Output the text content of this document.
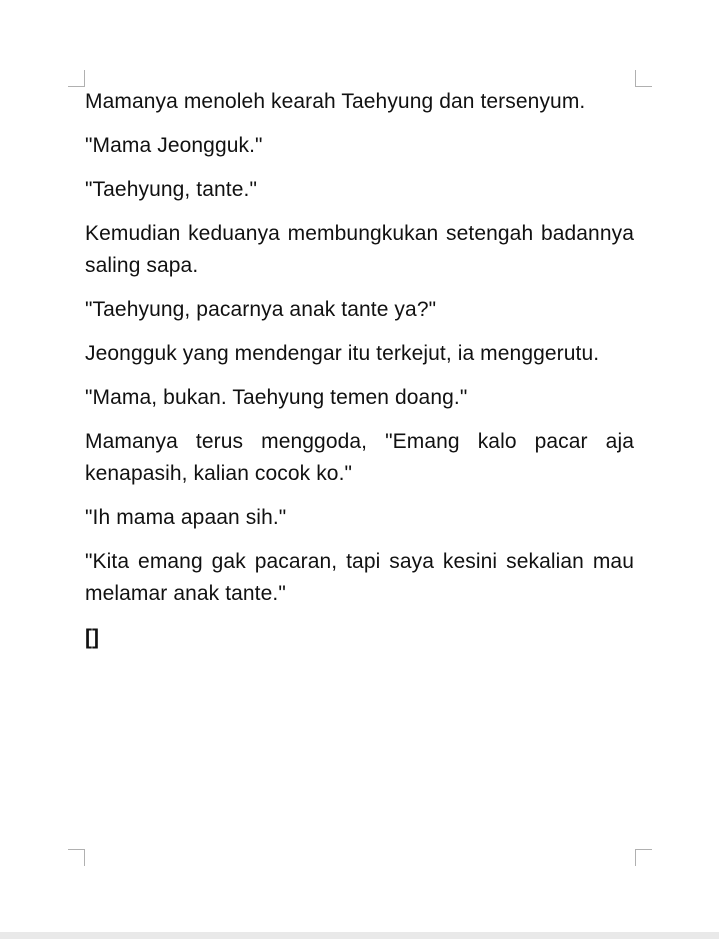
Mamanya menoleh kearah Taehyung dan tersenyum.

"Mama Jeongguk."

"Taehyung, tante."

Kemudian keduanya membungkukan setengah badannya saling sapa.

"Taehyung, pacarnya anak tante ya?"

Jeongguk yang mendengar itu terkejut, ia menggerutu.

"Mama, bukan. Taehyung temen doang."

Mamanya terus menggoda, "Emang kalo pacar aja kenapasih, kalian cocok ko."

"Ih mama apaan sih."

"Kita emang gak pacaran, tapi saya kesini sekalian mau melamar anak tante."

[]
